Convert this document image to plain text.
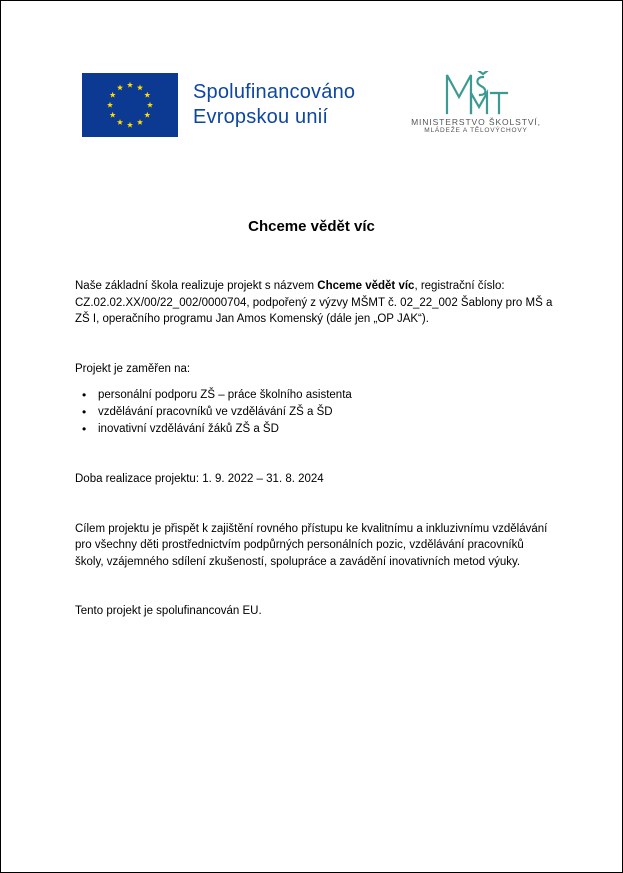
Spolufinancováno
Evropskou unií	MINISTERSTVO ŠKOLSTVÍ,
MLÁDEŽE A TĚLOVÝCHOVY
Chceme vědět víc

Naše základní škola realizuje projekt s názvem Chceme vědět víc, registrační číslo: CZ.02.02.XX/00/22_002/0000704, podpořený z výzvy MŠMT č. 02_22_002 Šablony pro MŠ a ZŠ I, operačního programu Jan Amos Komenský (dále jen „OP JAK“).

Projekt je zaměřen na:

• personální podporu ZŠ – práce školního asistenta
• vzdělávání pracovníků ve vzdělávání ZŠ a ŠD
• inovativní vzdělávání žáků ZŠ a ŠD

Doba realizace projektu: 1. 9. 2022 – 31. 8. 2024

Cílem projektu je přispět k zajištění rovného přístupu ke kvalitnímu a inkluzivnímu vzdělávání pro všechny děti prostřednictvím podpůrných personálních pozic, vzdělávání pracovníků školy, vzájemného sdílení zkušeností, spolupráce a zavádění inovativních metod výuky.

Tento projekt je spolufinancován EU.
